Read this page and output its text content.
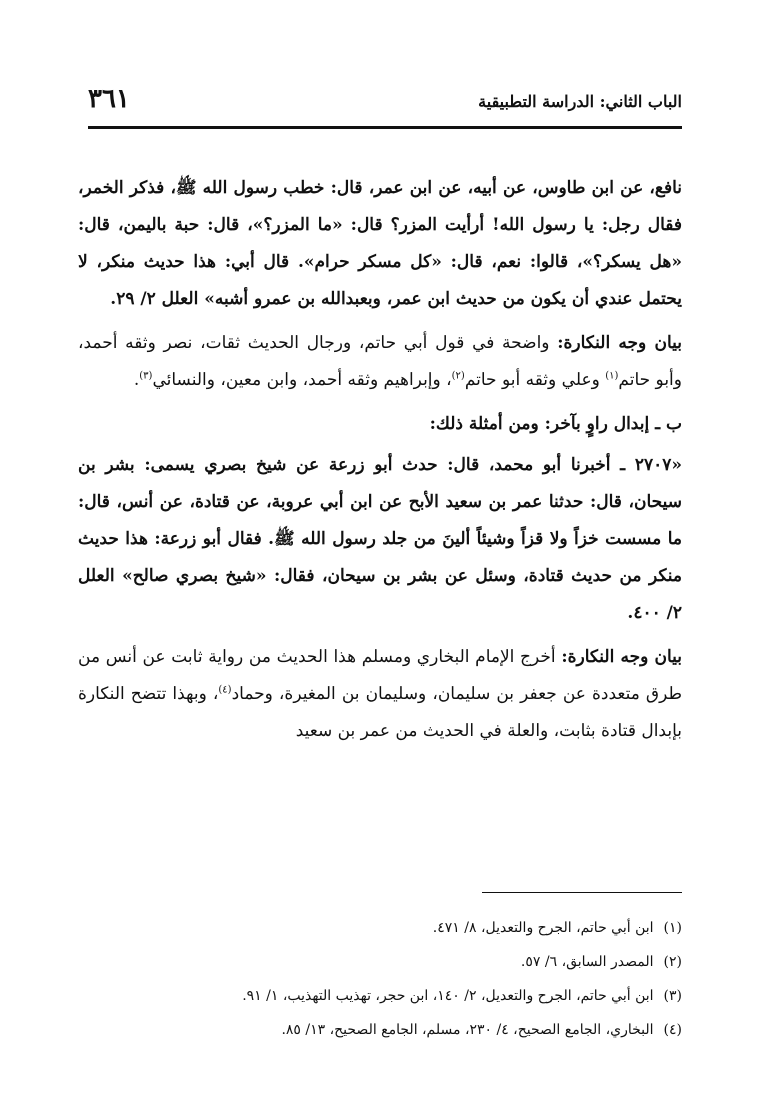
الباب الثاني: الدراسة التطبيقية
٣٦١

نافع، عن ابن طاوس، عن أبيه، عن ابن عمر، قال: خطب رسول الله ﷺ، فذكر الخمر، فقال رجل: يا رسول الله! أرأيت المزر؟ قال: «ما المزر؟»، قال: حبة باليمن، قال: «هل يسكر؟»، قالوا: نعم، قال: «كل مسكر حرام». قال أبي: هذا حديث منكر، لا يحتمل عندي أن يكون من حديث ابن عمر، وبعبدالله بن عمرو أشبه» العلل ٢/ ٢٩.

بيان وجه النكارة: واضحة في قول أبي حاتم، ورجال الحديث ثقات، نصر وثقه أحمد، وأبو حاتم$^{(١)}$ وعلي وثقه أبو حاتم$^{(٢)}$، وإبراهيم وثقه أحمد، وابن معين، والنسائي$^{(٣)}$.

ب ـ إبدال راوٍ بآخر: ومن أمثلة ذلك:

«٢٧٠٧ ـ أخبرنا أبو محمد، قال: حدث أبو زرعة عن شيخ بصري يسمى: بشر بن سيحان، قال: حدثنا عمر بن سعيد الأبح عن ابن أبي عروبة، عن قتادة، عن أنس، قال: ما مسست خزاً ولا قزاً وشيئاً ألينَ من جلد رسول الله ﷺ. فقال أبو زرعة: هذا حديث منكر من حديث قتادة، وسئل عن بشر بن سيحان، فقال: «شيخ بصري صالح» العلل ٢/ ٤٠٠.

بيان وجه النكارة: أخرج الإمام البخاري ومسلم هذا الحديث من رواية ثابت عن أنس من طرق متعددة عن جعفر بن سليمان، وسليمان بن المغيرة، وحماد$^{(٤)}$، وبهذا تتضح النكارة بإبدال قتادة بثابت، والعلة في الحديث من عمر بن سعيد

(١)ابن أبي حاتم، الجرح والتعديل، ٨/ ٤٧١.
(٢)المصدر السابق، ٦/ ٥٧.
(٣)ابن أبي حاتم، الجرح والتعديل، ٢/ ١٤٠، ابن حجر، تهذيب التهذيب، ١/ ٩١.
(٤)البخاري، الجامع الصحيح، ٤/ ٢٣٠، مسلم، الجامع الصحيح، ١٣/ ٨٥.
